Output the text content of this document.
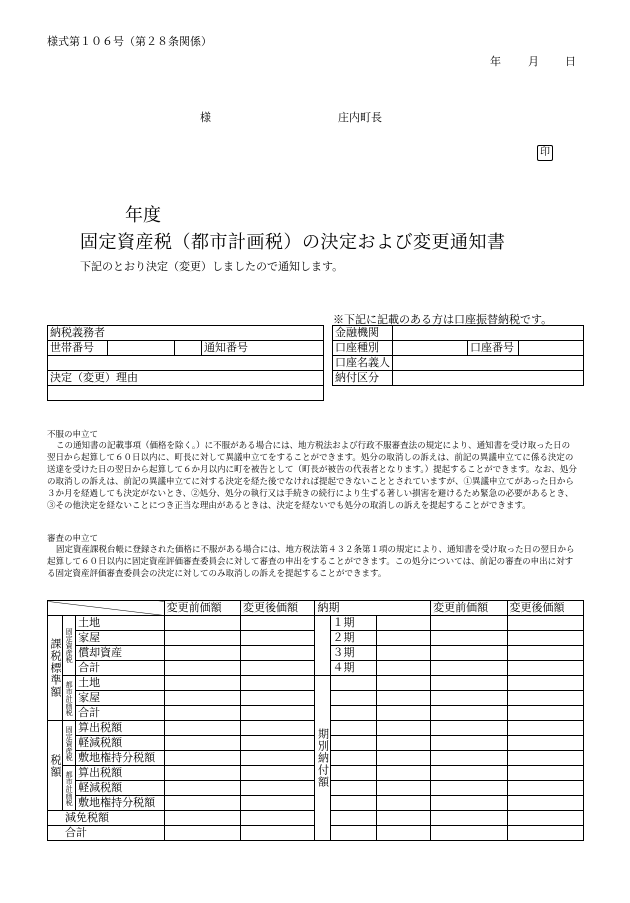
様式第１０６号（第２８条関係）
年 月 日
様	庄内町長
印
年度
固定資産税（都市計画税）の決定および変更通知書
下記のとおり決定（変更）しましたので通知します。
※下記に記載のある方は口座振替納税です。
納税義務者
世帯番号			通知番号

決定（変更）理由

金融機関			
口座種別		口座番号	
口座名義人			
納付区分			
不服の申立て
この通知書の記載事項（価格を除く。）に不服がある場合には、地方税法および行政不服審査法の規定により、通知書を受け取った日の翌日から起算して６０日以内に、町長に対して異議申立てをすることができます。処分の取消しの訴えは、前記の異議申立てに係る決定の送達を受けた日の翌日から起算して６か月以内に町を被告として（町長が被告の代表者となります。）提起することができます。なお、処分の取消しの訴えは、前記の異議申立てに対する決定を経た後でなければ提起できないこととされていますが、①異議申立てがあった日から３か月を経過しても決定がないとき、②処分、処分の執行又は手続きの続行により生ずる著しい損害を避けるため緊急の必要があるとき、③その他決定を経ないことにつき正当な理由があるときは、決定を経ないでも処分の取消しの訴えを提起することができます。
審査の申立て
固定資産課税台帳に登録された価格に不服がある場合には、地方税法第４３２条第１項の規定により、通知書を受け取った日の翌日から起算して６０日以内に固定資産評価審査委員会に対して審査の申出をすることができます。この処分については、前記の審査の申出に対する固定資産評価審査委員会の決定に対してのみ取消しの訴えを提起することができます。
			変更前価額	変更後価額	納期			変更前価額	変更後価額
課税標準額	固定資産税	土地				１期			
		家屋				２期			
		償却資産				３期			
		合計				４期			
	都市計画税	土地			期別納付額				
		家屋							
		合計							
税額	固定資産税	算出税額							
		軽減税額							
		敷地権持分税額							
	都市計画税	算出税額							
		軽減税額							
		敷地権持分税額							
減免税額									
合計									
